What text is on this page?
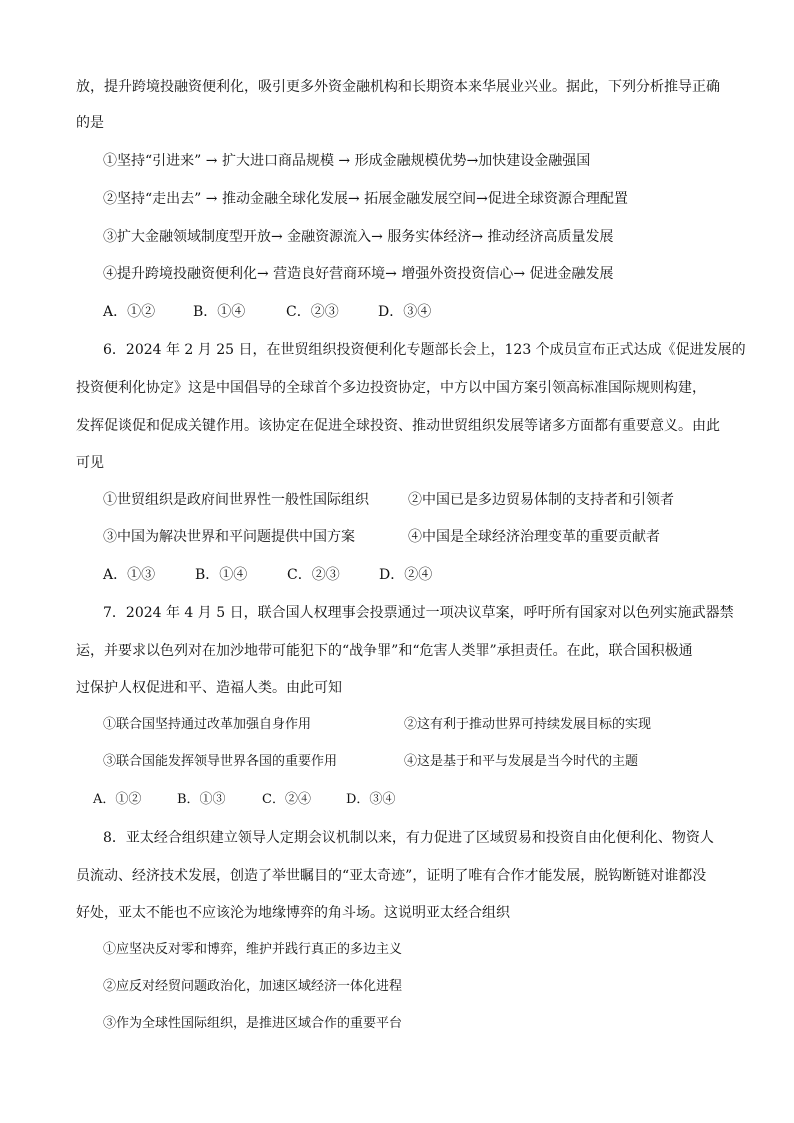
放，提升跨境投融资便利化，吸引更多外资金融机构和长期资本来华展业兴业。据此，下列分析推导正确
的是
①坚持“引进来” → 扩大进口商品规模 → 形成金融规模优势→加快建设金融强国
②坚持“走出去” → 推动金融全球化发展→ 拓展金融发展空间→促进全球资源合理配置
③扩大金融领域制度型开放→ 金融资源流入→ 服务实体经济→ 推动经济高质量发展
④提升跨境投融资便利化→ 营造良好营商环境→ 增强外资投资信心→ 促进金融发展
A．①②	B．①④	C．②③	D．③④
6．2024 年 2 月 25 日，在世贸组织投资便利化专题部长会上，123 个成员宣布正式达成《促进发展的
投资便利化协定》这是中国倡导的全球首个多边投资协定，中方以中国方案引领高标准国际规则构建，
发挥促谈促和促成关键作用。该协定在促进全球投资、推动世贸组织发展等诸多方面都有重要意义。由此
可见
①世贸组织是政府间世界性一般性国际组织	②中国已是多边贸易体制的支持者和引领者
③中国为解决世界和平问题提供中国方案	④中国是全球经济治理变革的重要贡献者
A．①③	B．①④	C．②③	D．②④
7．2024 年 4 月 5 日，联合国人权理事会投票通过一项决议草案，呼吁所有国家对以色列实施武器禁
运，并要求以色列对在加沙地带可能犯下的“战争罪”和“危害人类罪”承担责任。在此，联合国积极通
过保护人权促进和平、造福人类。由此可知
①联合国坚持通过改革加强自身作用	②这有利于推动世界可持续发展目标的实现
③联合国能发挥领导世界各国的重要作用	④这是基于和平与发展是当今时代的主题
A．①②	B．①③	C．②④	D．③④
8．亚太经合组织建立领导人定期会议机制以来，有力促进了区域贸易和投资自由化便利化、物资人
员流动、经济技术发展，创造了举世瞩目的“亚太奇迹”，证明了唯有合作才能发展，脱钩断链对谁都没
好处，亚太不能也不应该沦为地缘博弈的角斗场。这说明亚太经合组织
①应坚决反对零和博弈，维护并践行真正的多边主义
②应反对经贸问题政治化，加速区域经济一体化进程
③作为全球性国际组织，是推进区域合作的重要平台
